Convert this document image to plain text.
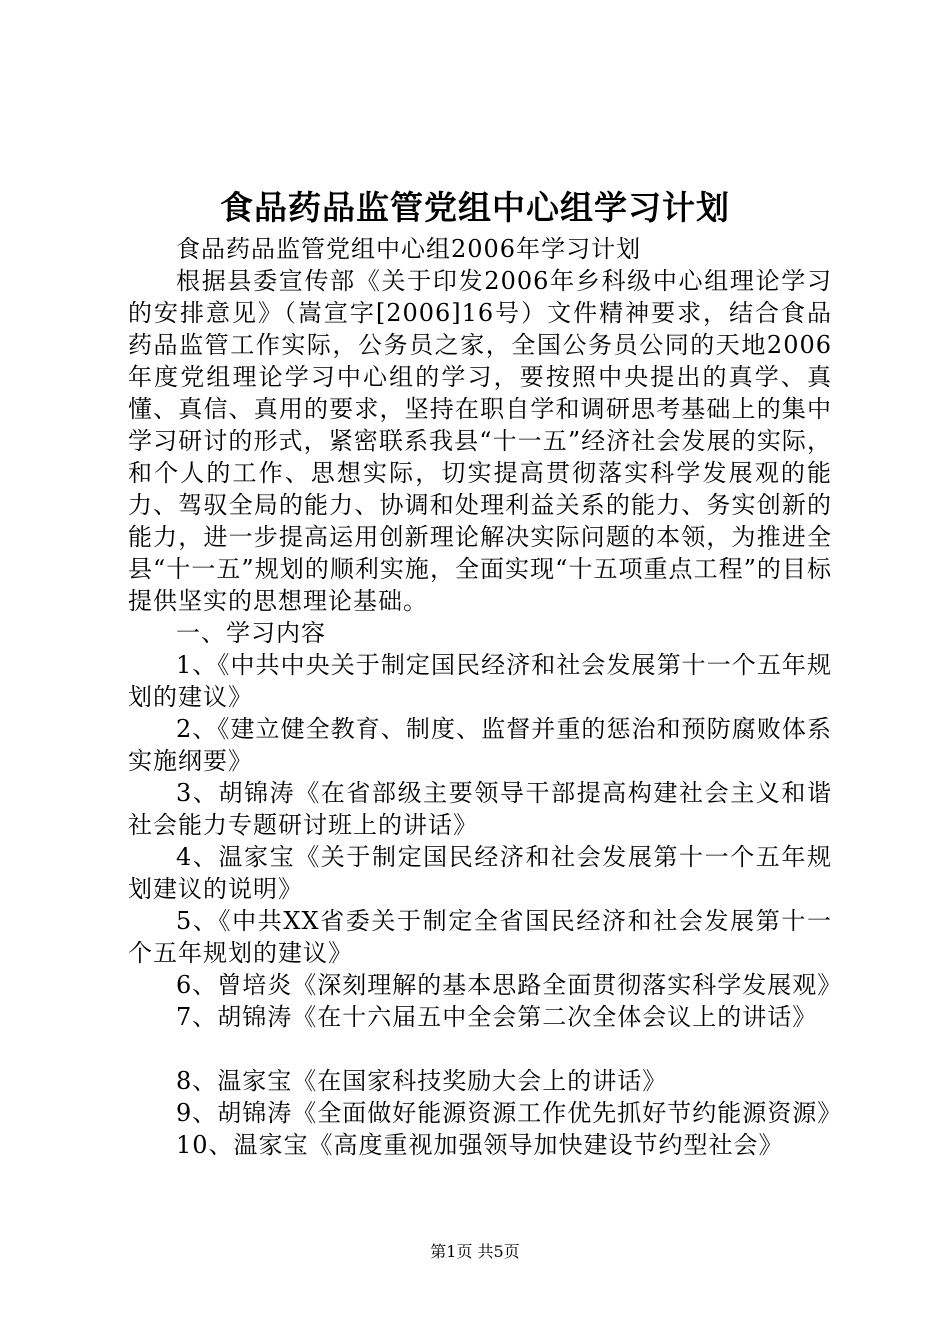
食品药品监管党组中心组学习计划

食品药品监管党组中心组2006年学习计划

根据县委宣传部《关于印发2006年乡科级中心组理论学习的安排意见》（嵩宣字[2006]16号）文件精神要求，结合食品药品监管工作实际，公务员之家，全国公务员公同的天地2006年度党组理论学习中心组的学习，要按照中央提出的真学、真懂、真信、真用的要求，坚持在职自学和调研思考基础上的集中学习研讨的形式，紧密联系我县“十一五”经济社会发展的实际，和个人的工作、思想实际，切实提高贯彻落实科学发展观的能力、驾驭全局的能力、协调和处理利益关系的能力、务实创新的能力，进一步提高运用创新理论解决实际问题的本领，为推进全县“十一五”规划的顺利实施，全面实现“十五项重点工程”的目标提供坚实的思想理论基础。

一、学习内容

1、《中共中央关于制定国民经济和社会发展第十一个五年规划的建议》

2、《建立健全教育、制度、监督并重的惩治和预防腐败体系实施纲要》

3、胡锦涛《在省部级主要领导干部提高构建社会主义和谐社会能力专题研讨班上的讲话》

4、温家宝《关于制定国民经济和社会发展第十一个五年规划建议的说明》

5、《中共XX省委关于制定全省国民经济和社会发展第十一个五年规划的建议》

6、曾培炎《深刻理解的基本思路全面贯彻落实科学发展观》

7、胡锦涛《在十六届五中全会第二次全体会议上的讲话》

8、温家宝《在国家科技奖励大会上的讲话》

9、胡锦涛《全面做好能源资源工作优先抓好节约能源资源》

10、温家宝《高度重视加强领导加快建设节约型社会》

第1页 共5页
